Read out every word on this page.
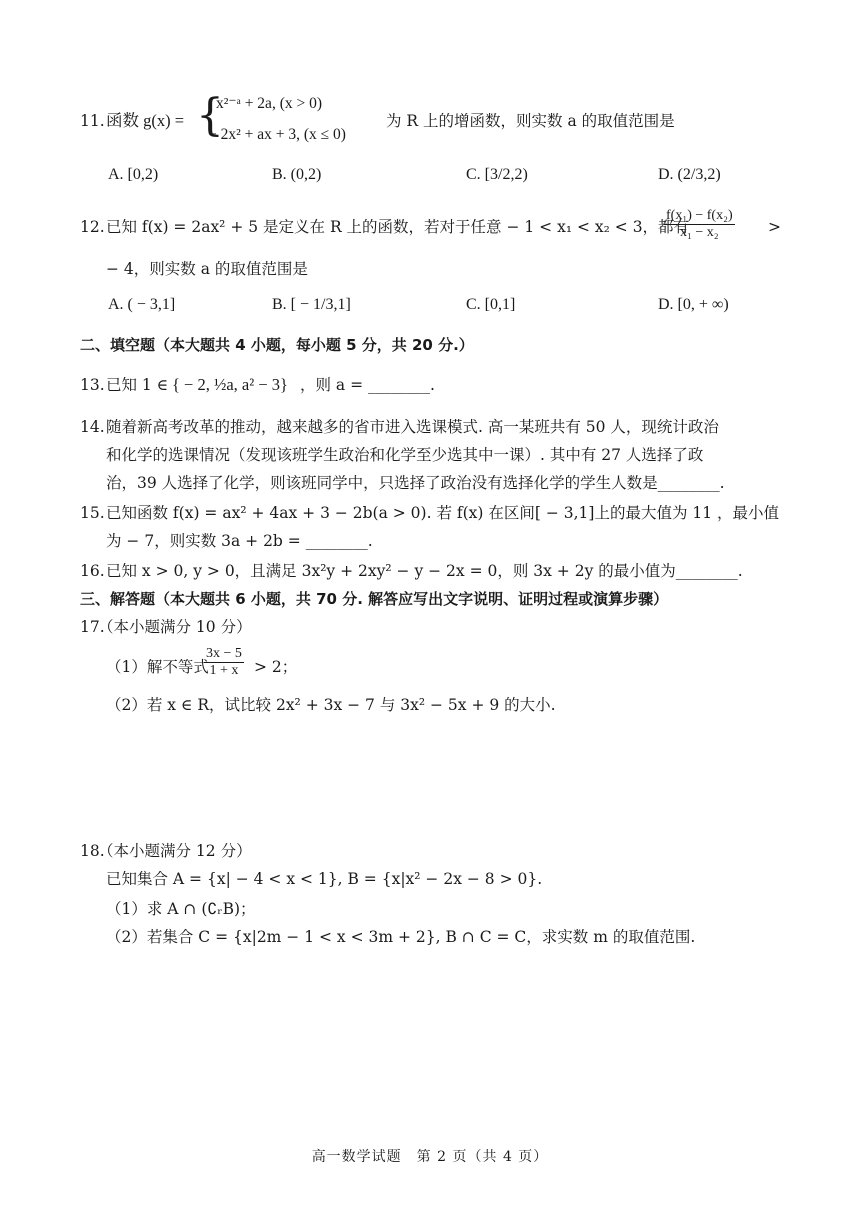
11. 函数 g(x) = {
x²⁻ᵃ + 2a, (x > 0)
− 2x² + ax + 3, (x ≤ 0)
为 R 上的增函数，则实数 a 的取值范围是
A. [0,2)	B. (0,2)	C. [3/2,2)	D. (2/3,2)
12. 已知 f(x) = 2ax² + 5 是定义在 R 上的函数，若对于任意 − 1 < x₁ < x₂ < 3，都有
$\frac{\text{f(x₁) − f(x₂)}}{\text{x₁ − x₂}}$ >
− 4，则实数 a 的取值范围是
A. ( − 3,1]	B. [ − 1/3,1]	C. [0,1]	D. [0, + ∞)
二、填空题（本大题共 4 小题，每小题 5 分，共 20 分.）
13. 已知 1 ∈ { − 2, ½a, a² − 3} ，则 a = ________.
14. 随着新高考改革的推动，越来越多的省市进入选课模式. 高一某班共有 50 人，现统计政治
和化学的选课情况（发现该班学生政治和化学至少选其中一课）. 其中有 27 人选择了政
治，39 人选择了化学，则该班同学中，只选择了政治没有选择化学的学生人数是________.
15. 已知函数 f(x) = ax² + 4ax + 3 − 2b(a > 0). 若 f(x) 在区间[ − 3,1]上的最大值为 11 ，最小值
为 − 7，则实数 3a + 2b = ________.
16. 已知 x > 0, y > 0，且满足 3x²y + 2xy² − y − 2x = 0，则 3x + 2y 的最小值为________.
三、解答题（本大题共 6 小题，共 70 分. 解答应写出文字说明、证明过程或演算步骤）
17.
（本小题满分 10 分）
（1）解不等式
$\frac{3x - 5}{1 + x} > 2$；
（2）若 x ∈ R，试比较 2x² + 3x − 7 与 3x² − 5x + 9 的大小.
18.
（本小题满分 12 分）
已知集合 A = {x| − 4 < x < 1}, B = {x|x² − 2x − 8 > 0}.
（1）求 A ∩ (∁ᵣB)；
（2）若集合 C = {x|2m − 1 < x < 3m + 2}, B ∩ C = C，求实数 m 的取值范围.
高一数学试题　第 2 页（共 4 页）
